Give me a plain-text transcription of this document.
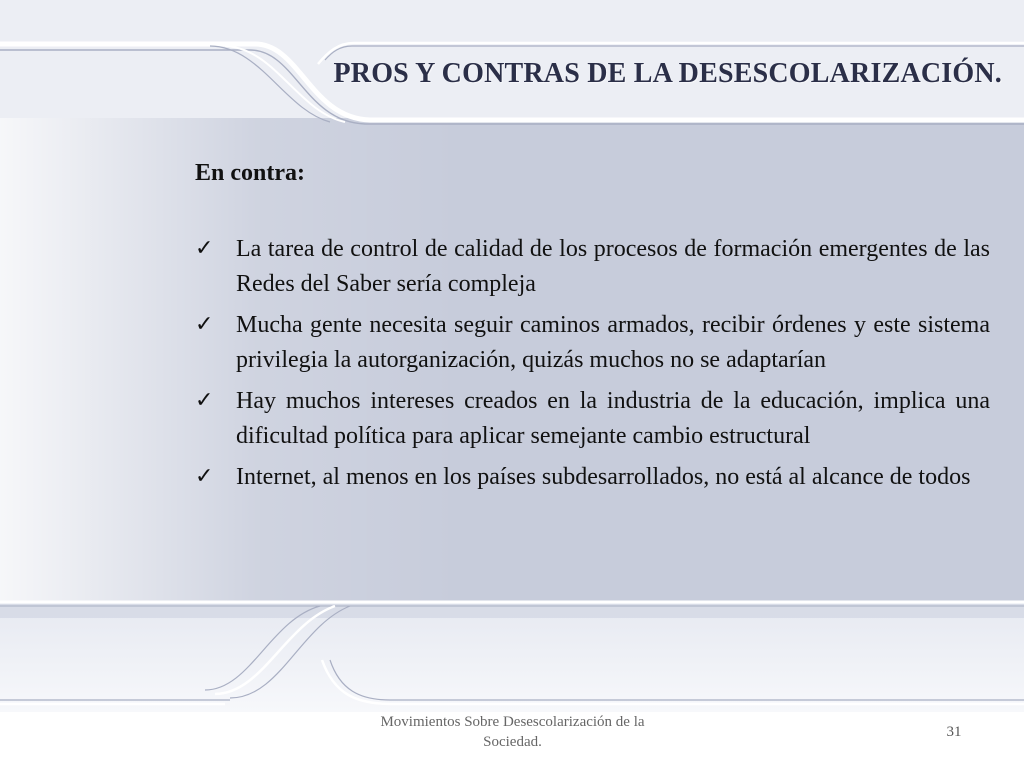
PROS Y CONTRAS DE LA DESESCOLARIZACIÓN.
En contra:
✓ La tarea de control de calidad de los procesos de formación emergentes de las Redes del Saber sería compleja
✓ Mucha gente necesita seguir caminos armados, recibir órdenes y este sistema privilegia la autorganización, quizás muchos no se adaptarían
✓ Hay muchos intereses creados en la industria de la educación, implica una dificultad política para aplicar semejante cambio estructural
✓ Internet, al menos en los países subdesarrollados, no está al alcance de todos
Movimientos Sobre Desescolarización de la Sociedad.
31
